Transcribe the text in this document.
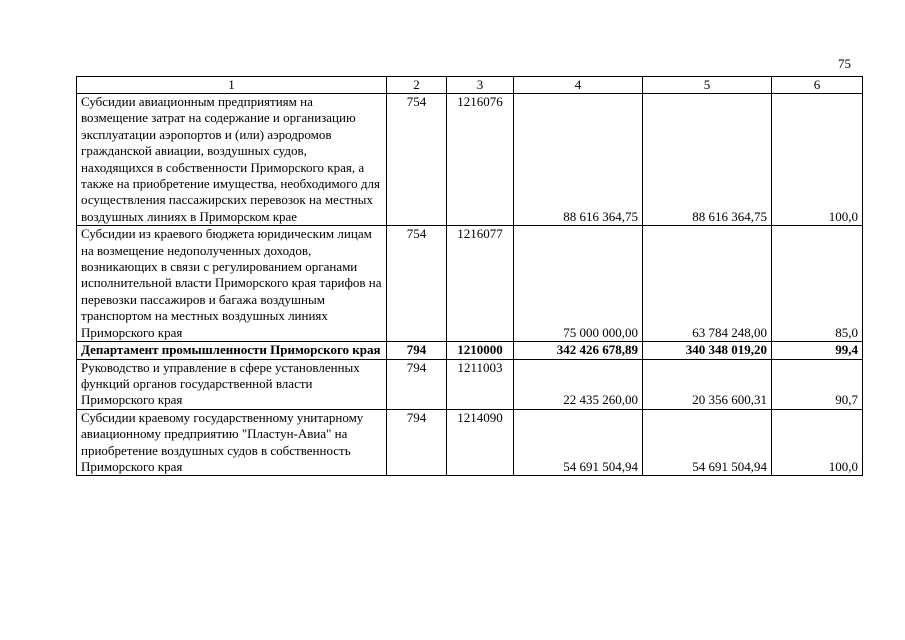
75
1	2	3	4	5	6
Субсидии авиационным предприятиям на возмещение затрат на содержание и организацию эксплуатации аэропортов и (или) аэродромов гражданской авиации, воздушных судов, находящихся в собственности Приморского края, а также на приобретение имущества, необходимого для осуществления пассажирских перевозок на местных воздушных линиях в Приморском крае	754	1216076	88 616 364,75	88 616 364,75	100,0
Субсидии из краевого бюджета юридическим лицам на возмещение недополученных доходов, возникающих в связи с регулированием органами исполнительной власти Приморского края тарифов на перевозки пассажиров и багажа воздушным транспортом на местных воздушных линиях Приморского края	754	1216077	75 000 000,00	63 784 248,00	85,0
Департамент промышленности Приморского края	794	1210000	342 426 678,89	340 348 019,20	99,4
Руководство и управление в сфере установленных функций органов государственной власти Приморского края	794	1211003	22 435 260,00	20 356 600,31	90,7
Субсидии краевому государственному унитарному авиационному предприятию "Пластун-Авиа" на приобретение воздушных судов в собственность Приморского края	794	1214090	54 691 504,94	54 691 504,94	100,0
